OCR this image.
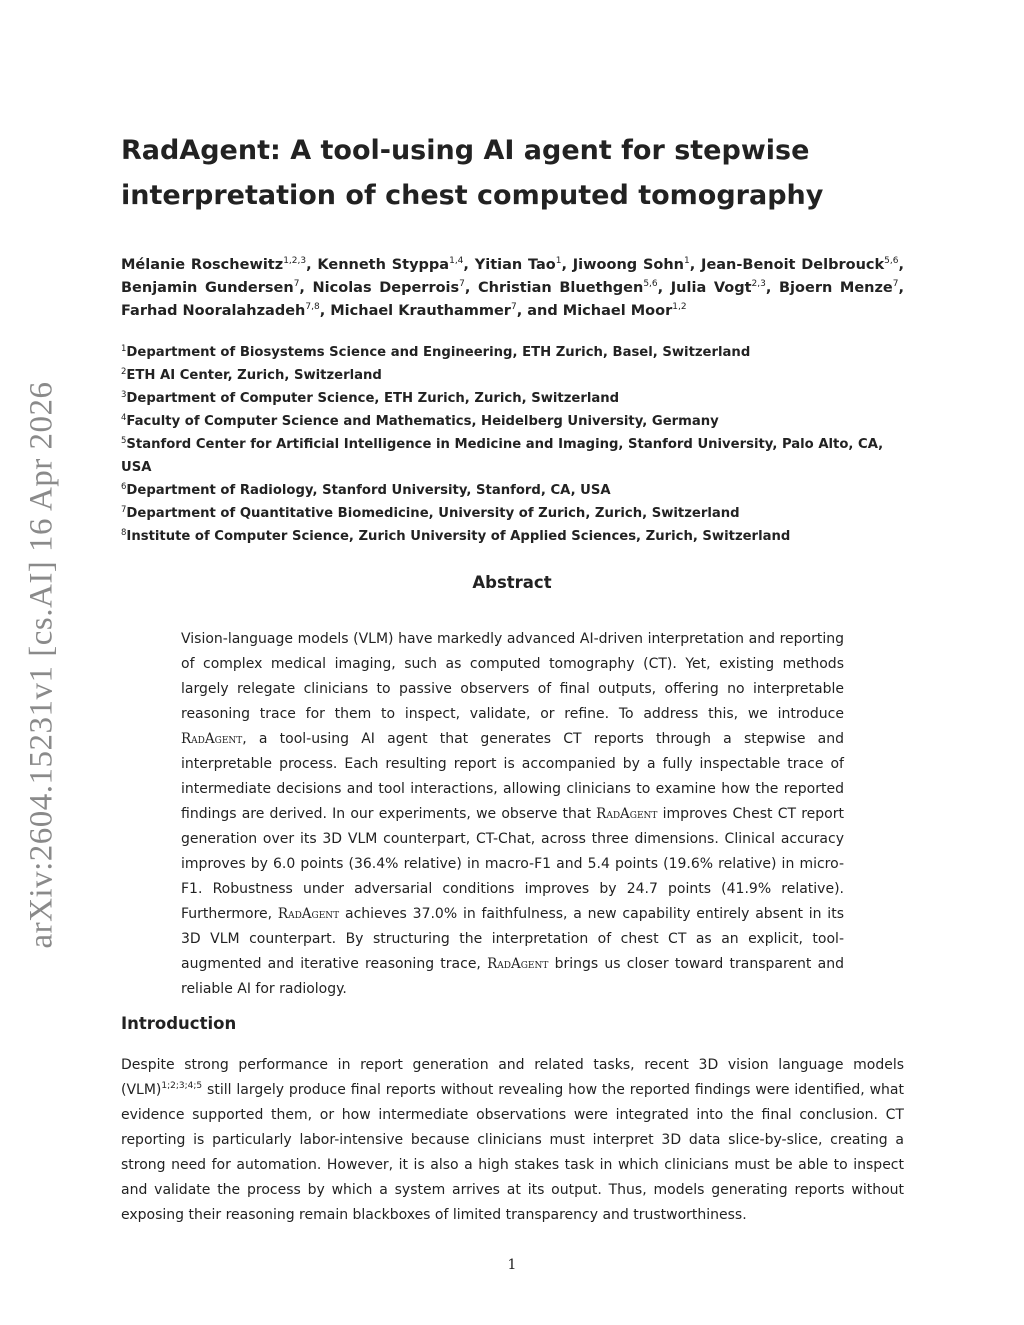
arXiv:2604.15231v1 [cs.AI] 16 Apr 2026
RadAgent: A tool-using AI agent for stepwise interpretation of chest computed tomography
Mélanie Roschewitz$^{1,2,3}$, Kenneth Styppa$^{1,4}$, Yitian Tao$^1$, Jiwoong Sohn$^1$, Jean-Benoit Delbrouck$^{5,6}$, Benjamin Gundersen$^7$, Nicolas Deperrois$^7$, Christian Bluethgen$^{5,6}$, Julia Vogt$^{2,3}$, Bjoern Menze$^7$, Farhad Nooralahzadeh$^{7,8}$, Michael Krauthammer$^7$, and Michael Moor$^{1,2}$
$^1$Department of Biosystems Science and Engineering, ETH Zurich, Basel, Switzerland
$^2$ETH AI Center, Zurich, Switzerland
$^3$Department of Computer Science, ETH Zurich, Zurich, Switzerland
$^4$Faculty of Computer Science and Mathematics, Heidelberg University, Germany
$^5$Stanford Center for Artificial Intelligence in Medicine and Imaging, Stanford University, Palo Alto, CA, USA
$^6$Department of Radiology, Stanford University, Stanford, CA, USA
$^7$Department of Quantitative Biomedicine, University of Zurich, Zurich, Switzerland
$^8$Institute of Computer Science, Zurich University of Applied Sciences, Zurich, Switzerland
Abstract
Vision-language models (VLM) have markedly advanced AI-driven interpretation and reporting of complex medical imaging, such as computed tomography (CT). Yet, existing methods largely relegate clinicians to passive observers of final outputs, offering no interpretable reasoning trace for them to inspect, validate, or refine. To address this, we introduce RadAgent, a tool-using AI agent that generates CT reports through a stepwise and interpretable process. Each resulting report is accompanied by a fully inspectable trace of intermediate decisions and tool interactions, allowing clinicians to examine how the reported findings are derived. In our experiments, we observe that RadAgent improves Chest CT report generation over its 3D VLM counterpart, CT-Chat, across three dimensions. Clinical accuracy improves by 6.0 points (36.4% relative) in macro-F1 and 5.4 points (19.6% relative) in micro-F1. Robustness under adversarial conditions improves by 24.7 points (41.9% relative). Furthermore, RadAgent achieves 37.0% in faithfulness, a new capability entirely absent in its 3D VLM counterpart. By structuring the interpretation of chest CT as an explicit, tool-augmented and iterative reasoning trace, RadAgent brings us closer toward transparent and reliable AI for radiology.
Introduction
Despite strong performance in report generation and related tasks, recent 3D vision language models (VLM)$^{1;2;3;4;5}$ still largely produce final reports without revealing how the reported findings were identified, what evidence supported them, or how intermediate observations were integrated into the final conclusion. CT reporting is particularly labor-intensive because clinicians must interpret 3D data slice-by-slice, creating a strong need for automation. However, it is also a high stakes task in which clinicians must be able to inspect and validate the process by which a system arrives at its output. Thus, models generating reports without exposing their reasoning remain blackboxes of limited transparency and trustworthiness.
1
